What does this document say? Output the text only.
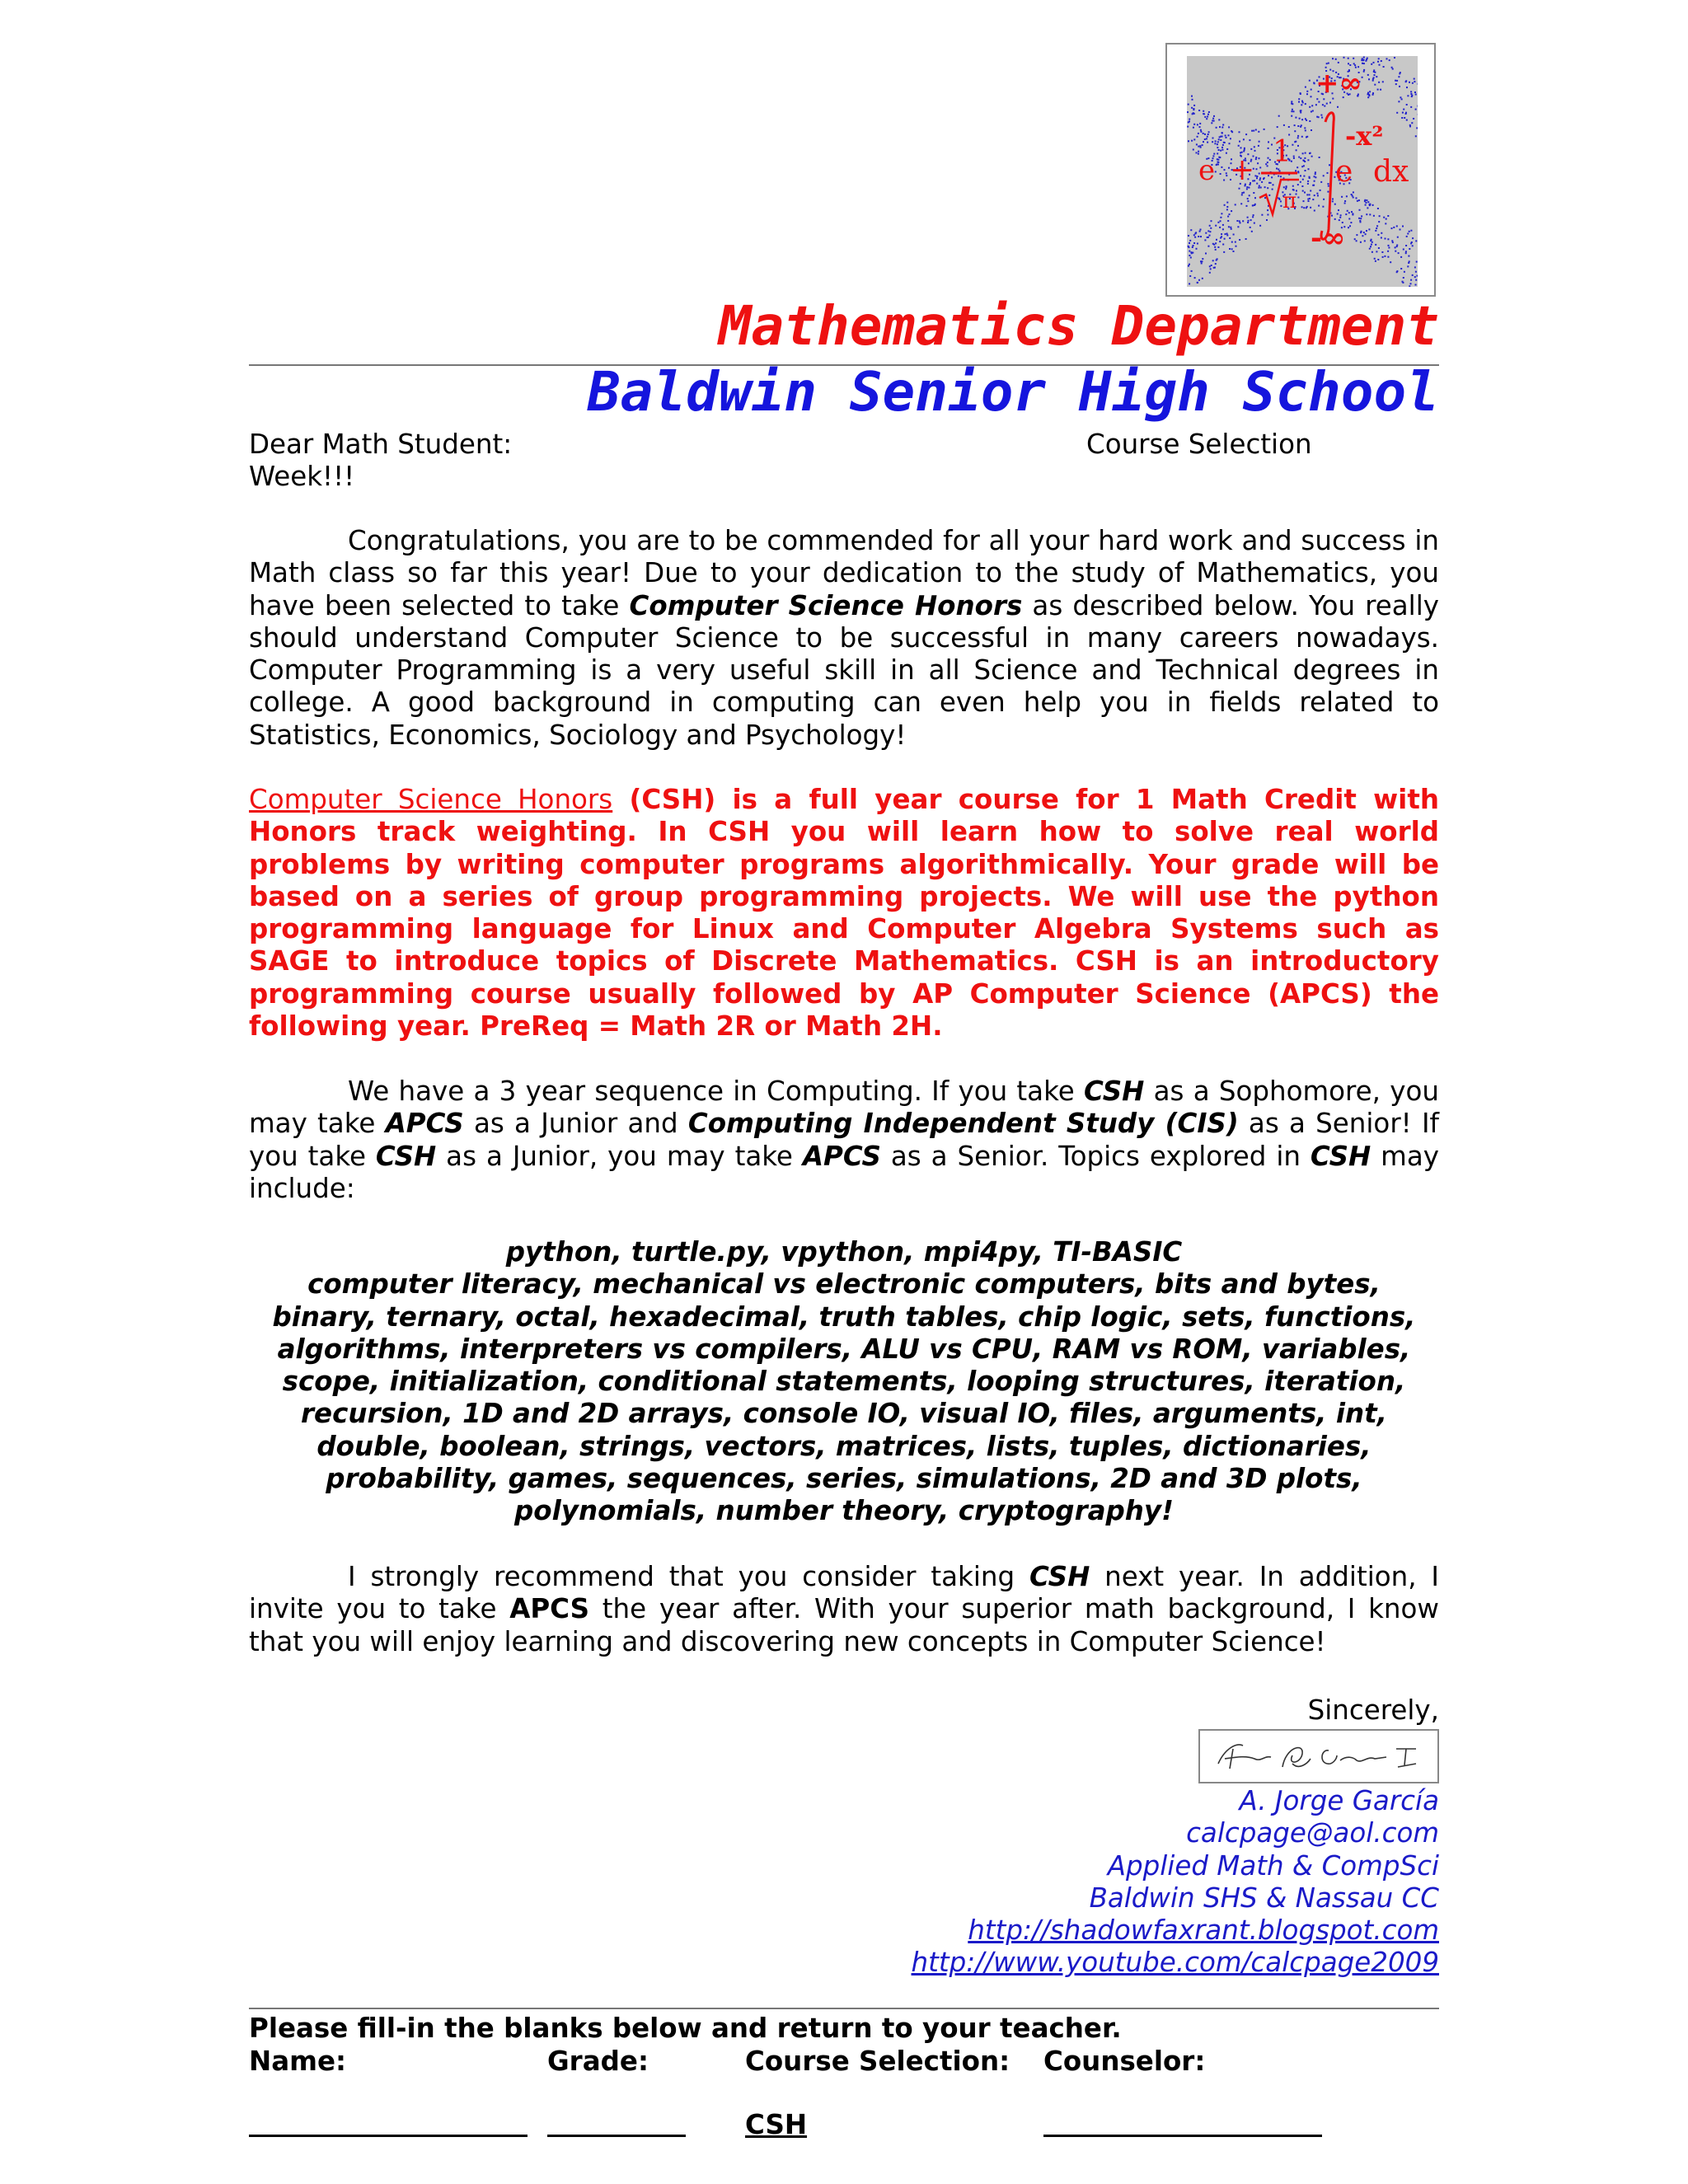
+∞
-x²
e +
1
π
e dx
-∞
Mathematics Department
Baldwin Senior High School
Dear Math Student:	Course Selection
Week!!!

Congratulations, you are to be commended for all your hard work and success in Math class so far this year! Due to your dedication to the study of Mathematics, you have been selected to take Computer Science Honors as described below. You really should understand Computer Science to be successful in many careers nowadays. Computer Programming is a very useful skill in all Science and Technical degrees in college. A good background in computing can even help you in fields related to Statistics, Economics, Sociology and Psychology!

Computer Science Honors (CSH) is a full year course for 1 Math Credit with Honors track weighting. In CSH you will learn how to solve real world problems by writing computer programs algorithmically. Your grade will be based on a series of group programming projects. We will use the python programming language for Linux and Computer Algebra Systems such as SAGE to introduce topics of Discrete Mathematics. CSH is an introductory programming course usually followed by AP Computer Science (APCS) the following year. PreReq = Math 2R or Math 2H.

We have a 3 year sequence in Computing. If you take CSH as a Sophomore, you may take APCS as a Junior and Computing Independent Study (CIS) as a Senior! If you take CSH as a Junior, you may take APCS as a Senior. Topics explored in CSH may include:

python, turtle.py, vpython, mpi4py, TI-BASIC
computer literacy, mechanical vs electronic computers, bits and bytes,
binary, ternary, octal, hexadecimal, truth tables, chip logic, sets, functions,
algorithms, interpreters vs compilers, ALU vs CPU, RAM vs ROM, variables,
scope, initialization, conditional statements, looping structures, iteration,
recursion, 1D and 2D arrays, console IO, visual IO, files, arguments, int,
double, boolean, strings, vectors, matrices, lists, tuples, dictionaries,
probability, games, sequences, series, simulations, 2D and 3D plots,
polynomials, number theory, cryptography!

I strongly recommend that you consider taking CSH next year. In addition, I invite you to take APCS the year after. With your superior math background, I know that you will enjoy learning and discovering new concepts in Computer Science!

Sincerely,
A. Jorge García
calcpage@aol.com
Applied Math & CompSci
Baldwin SHS & Nassau CC
http://shadowfaxrant.blogspot.com
http://www.youtube.com/calcpage2009
Please fill-in the blanks below and return to your teacher.
Name:	Grade:	Course Selection: Counselor:
CSH
